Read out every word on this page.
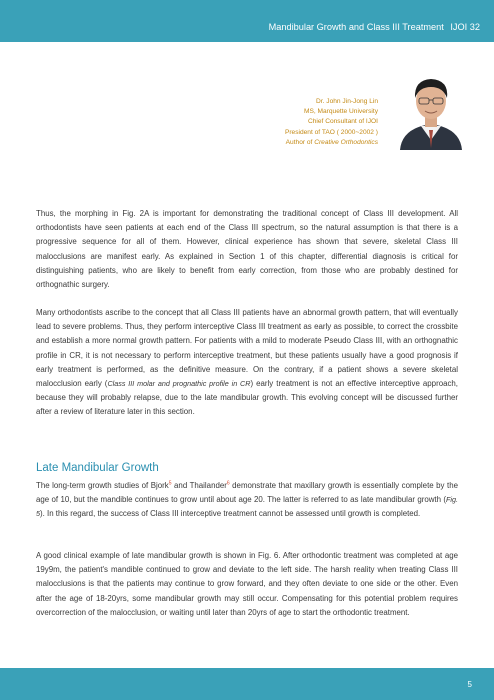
Mandibular Growth and Class III Treatment IJOI 32
Dr. John Jin-Jong Lin
MS, Marquette University
Chief Consultant of IJOI
President of TAO ( 2000~2002 )
Author of Creative Orthodontics

Thus, the morphing in Fig. 2A is important for demonstrating the traditional concept of Class III development. All orthodontists have seen patients at each end of the Class III spectrum, so the natural assumption is that there is a progressive sequence for all of them. However, clinical experience has shown that severe, skeletal Class III malocclusions are manifest early. As explained in Section 1 of this chapter, differential diagnosis is critical for distinguishing patients, who are likely to benefit from early correction, from those who are probably destined for orthognathic surgery.

Many orthodontists ascribe to the concept that all Class III patients have an abnormal growth pattern, that will eventually lead to severe problems. Thus, they perform interceptive Class III treatment as early as possible, to correct the crossbite and establish a more normal growth pattern. For patients with a mild to moderate Pseudo Class III, with an orthognathic profile in CR, it is not necessary to perform interceptive treatment, but these patients usually have a good prognosis if early treatment is performed, as the definitive measure. On the contrary, if a patient shows a severe skeletal malocclusion early (Class III molar and prognathic profile in CR) early treatment is not an effective interceptive approach, because they will probably relapse, due to the late mandibular growth. This evolving concept will be discussed further after a review of literature later in this section.

Late Mandibular Growth

The long-term growth studies of Bjork$^5$ and Thailander$^6$ demonstrate that maxillary growth is essentially complete by the age of 10, but the mandible continues to grow until about age 20. The latter is referred to as late mandibular growth (Fig. 5). In this regard, the success of Class III interceptive treatment cannot be assessed until growth is completed.

A good clinical example of late mandibular growth is shown in Fig. 6. After orthodontic treatment was completed at age 19y9m, the patient's mandible continued to grow and deviate to the left side. The harsh reality when treating Class III malocclusions is that the patients may continue to grow forward, and they often deviate to one side or the other. Even after the age of 18-20yrs, some mandibular growth may still occur. Compensating for this potential problem requires overcorrection of the malocclusion, or waiting until later than 20yrs of age to start the orthodontic treatment.

5
